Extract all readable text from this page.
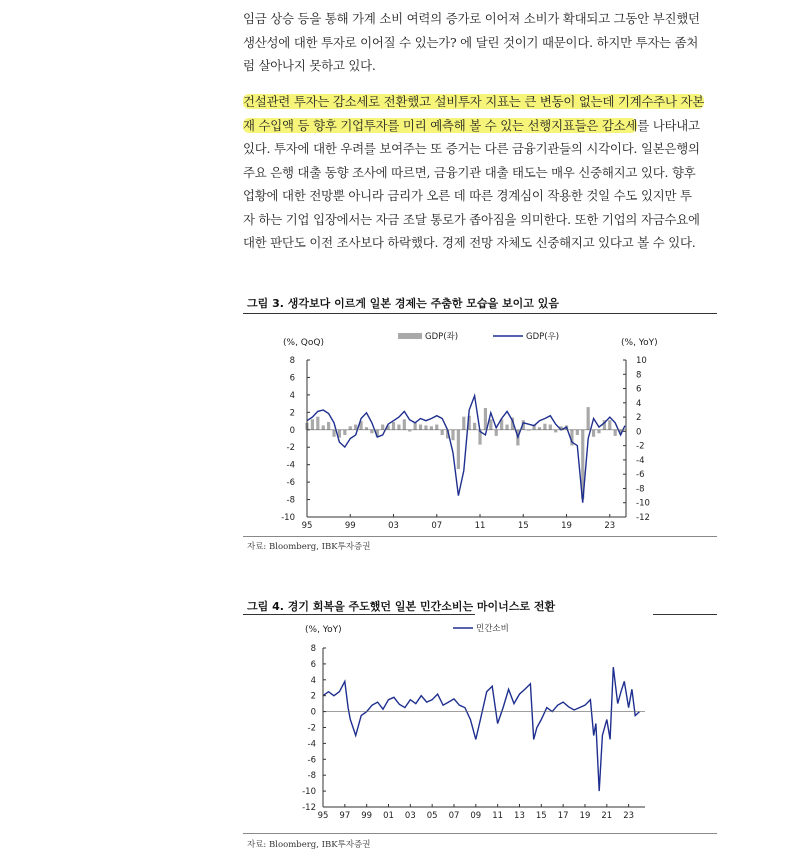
임금 상승 등을 통해 가계 소비 여력의 증가로 이어져 소비가 확대되고 그동안 부진했던
생산성에 대한 투자로 이어질 수 있는가? 에 달린 것이기 때문이다. 하지만 투자는 좀처
럼 살아나지 못하고 있다.

건설관련 투자는 감소세로 전환했고 설비투자 지표는 큰 변동이 없는데 기계수주나 자본
재 수입액 등 향후 기업투자를 미리 예측해 볼 수 있는 선행지표들은 감소세를 나타내고
있다. 투자에 대한 우려를 보여주는 또 증거는 다른 금융기관들의 시각이다. 일본은행의
주요 은행 대출 동향 조사에 따르면, 금융기관 대출 태도는 매우 신중해지고 있다. 향후
업황에 대한 전망뿐 아니라 금리가 오른 데 따른 경계심이 작용한 것일 수도 있지만 투
자 하는 기업 입장에서는 자금 조달 통로가 좁아짐을 의미한다. 또한 기업의 자금수요에
대한 판단도 이전 조사보다 하락했다. 경제 전망 자체도 신중해지고 있다고 볼 수 있다.

그림 3. 생각보다 이르게 일본 경제는 주춤한 모습을 보이고 있음
8
6
4
2
0
-2
-4
-6
-8
-10
10
8
6
4
2
0
-2
-4
-6
-8
-10
-12
95	99	03	07	11	15	19	23
(%, QoQ)	(%, YoY)
GDP(좌)	GDP(우)
자료: Bloomberg, IBK투자증권
그림 4. 경기 회복을 주도했던 일본 민간소비는 마이너스로 전환
8
6
4
2
0
-2
-4
-6
-8
-10
-12
95 97 99 01 03 05 07 09 11 13 15 17 19 21 23
(%, YoY)	민간소비
자료: Bloomberg, IBK투자증권
